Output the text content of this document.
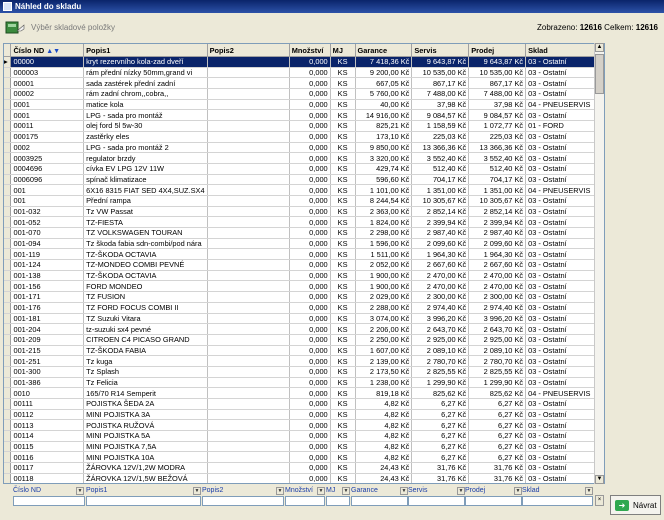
Náhled do skladu
Výběr skladové položky	Zobrazeno: 12616 Celkem: 12616
	Číslo ND ▲▼	Popis1	Popis2	Množství	MJ	Garance	Servis	Prodej	Sklad
▸	00000	kryt rezervního kola-zad dveří		0,000	KS	7 418,36 Kč	9 643,87 Kč	9 643,87 Kč	03 - Ostatní
	000003	rám přední nízky 50mm,grand vi		0,000	KS	9 200,00 Kč	10 535,00 Kč	10 535,00 Kč	03 - Ostatní
	00001	sada zastérek přední zadní		0,000	KS	667,05 Kč	867,17 Kč	867,17 Kč	03 - Ostatní
	00002	rám zadní chrom,,cobra,,		0,000	KS	5 760,00 Kč	7 488,00 Kč	7 488,00 Kč	03 - Ostatní
	0001	matice kola		0,000	KS	40,00 Kč	37,98 Kč	37,98 Kč	04 - PNEUSERVIS
	0001	LPG - sada pro montáž		0,000	KS	14 916,00 Kč	9 084,57 Kč	9 084,57 Kč	03 - Ostatní
	00011	olej ford 5l 5w-30		0,000	KS	825,21 Kč	1 158,59 Kč	1 072,77 Kč	01 - FORD
	000175	zastěrky eles		0,000	KS	173,10 Kč	225,03 Kč	225,03 Kč	03 - Ostatní
	0002	LPG - sada pro montáž 2		0,000	KS	9 850,00 Kč	13 366,36 Kč	13 366,36 Kč	03 - Ostatní
	0003925	regulator brzdy		0,000	KS	3 320,00 Kč	3 552,40 Kč	3 552,40 Kč	03 - Ostatní
	0004696	cívka EV LPG 12V 11W		0,000	KS	429,74 Kč	512,40 Kč	512,40 Kč	03 - Ostatní
	0006096	spínač klimatizace		0,000	KS	596,60 Kč	704,17 Kč	704,17 Kč	03 - Ostatní
	001	6X16 8315 FIAT SED 4X4,SUZ.SX4		0,000	KS	1 101,00 Kč	1 351,00 Kč	1 351,00 Kč	04 - PNEUSERVIS
	001	Přední rampa		0,000	KS	8 244,54 Kč	10 305,67 Kč	10 305,67 Kč	03 - Ostatní
	001-032	Tz VW Passat		0,000	KS	2 363,00 Kč	2 852,14 Kč	2 852,14 Kč	03 - Ostatní
	001-052	TZ-FIESTA		0,000	KS	1 824,00 Kč	2 399,94 Kč	2 399,94 Kč	03 - Ostatní
	001-070	TZ VOLKSWAGEN TOURAN		0,000	KS	2 298,00 Kč	2 987,40 Kč	2 987,40 Kč	03 - Ostatní
	001-094	Tz škoda fabia sdn-combi/pod nára		0,000	KS	1 596,00 Kč	2 099,60 Kč	2 099,60 Kč	03 - Ostatní
	001-119	TZ-ŠKODA OCTAVIA		0,000	KS	1 511,00 Kč	1 964,30 Kč	1 964,30 Kč	03 - Ostatní
	001-124	TZ-MONDEO COMBI PEVNÉ		0,000	KS	2 052,00 Kč	2 667,60 Kč	2 667,60 Kč	03 - Ostatní
	001-138	TZ-ŠKODA OCTAVIA		0,000	KS	1 900,00 Kč	2 470,00 Kč	2 470,00 Kč	03 - Ostatní
	001-156	FORD MONDEO		0,000	KS	1 900,00 Kč	2 470,00 Kč	2 470,00 Kč	03 - Ostatní
	001-171	TZ FUSION		0,000	KS	2 029,00 Kč	2 300,00 Kč	2 300,00 Kč	03 - Ostatní
	001-176	TZ FORD FOCUS COMBI II		0,000	KS	2 288,00 Kč	2 974,40 Kč	2 974,40 Kč	03 - Ostatní
	001-181	TZ Suzuki Vitara		0,000	KS	3 074,00 Kč	3 996,20 Kč	3 996,20 Kč	03 - Ostatní
	001-204	tz-suzuki sx4 pevné		0,000	KS	2 206,00 Kč	2 643,70 Kč	2 643,70 Kč	03 - Ostatní
	001-209	CITROEN C4 PICASO GRAND		0,000	KS	2 250,00 Kč	2 925,00 Kč	2 925,00 Kč	03 - Ostatní
	001-215	TZ-ŠKODA FABIA		0,000	KS	1 607,00 Kč	2 089,10 Kč	2 089,10 Kč	03 - Ostatní
	001-251	Tz kuga		0,000	KS	2 139,00 Kč	2 780,70 Kč	2 780,70 Kč	03 - Ostatní
	001-300	Tz Splash		0,000	KS	2 173,50 Kč	2 825,55 Kč	2 825,55 Kč	03 - Ostatní
	001-386	Tz Felicia		0,000	KS	1 238,00 Kč	1 299,90 Kč	1 299,90 Kč	03 - Ostatní
	0010	165/70 R14 Semperit		0,000	KS	819,18 Kč	825,62 Kč	825,62 Kč	04 - PNEUSERVIS
	00111	POJISTKA ŠEDA 2A		0,000	KS	4,82 Kč	6,27 Kč	6,27 Kč	03 - Ostatní
	00112	MINI POJISTKA 3A		0,000	KS	4,82 Kč	6,27 Kč	6,27 Kč	03 - Ostatní
	00113	POJISTKA RUŽOVÁ		0,000	KS	4,82 Kč	6,27 Kč	6,27 Kč	03 - Ostatní
	00114	MINI POJISTKA 5A		0,000	KS	4,82 Kč	6,27 Kč	6,27 Kč	03 - Ostatní
	00115	MINI POJISTKA 7,5A		0,000	KS	4,82 Kč	6,27 Kč	6,27 Kč	03 - Ostatní
	00116	MINI POJISTKA 10A		0,000	KS	4,82 Kč	6,27 Kč	6,27 Kč	03 - Ostatní
	00117	ŽÁROVKA 12V/1,2W MODRA		0,000	KS	24,43 Kč	31,76 Kč	31,76 Kč	03 - Ostatní
	00118	ŽÁROVKA 12V/1,5W BEŽOVÁ		0,000	KS	24,43 Kč	31,76 Kč	31,76 Kč	03 - Ostatní

▲
▼
Číslo ND	▼ Popis1	▼ Popis2	▼ Množství	▼ MJ	▼ Garance	▼ Servis	▼ Prodej	▼ Sklad	▼
×
➜ Návrat
